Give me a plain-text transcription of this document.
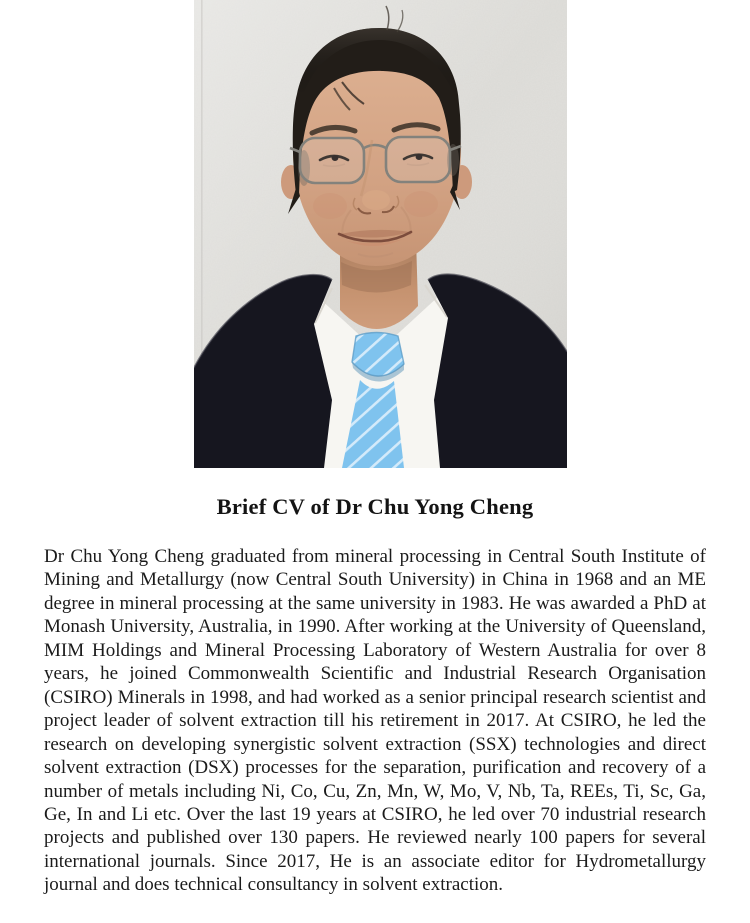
Brief CV of Dr Chu Yong Cheng
Dr Chu Yong Cheng graduated from mineral processing in Central South Institute of
Mining and Metallurgy (now Central South University) in China in 1968 and an ME
degree in mineral processing at the same university in 1983. He was awarded a PhD at
Monash University, Australia, in 1990. After working at the University of Queensland,
MIM Holdings and Mineral Processing Laboratory of Western Australia for over 8
years, he joined Commonwealth Scientific and Industrial Research Organisation
(CSIRO) Minerals in 1998, and had worked as a senior principal research scientist and
project leader of solvent extraction till his retirement in 2017. At CSIRO, he led the
research on developing synergistic solvent extraction (SSX) technologies and direct
solvent extraction (DSX) processes for the separation, purification and recovery of a
number of metals including Ni, Co, Cu, Zn, Mn, W, Mo, V, Nb, Ta, REEs, Ti, Sc, Ga,
Ge, In and Li etc. Over the last 19 years at CSIRO, he led over 70 industrial research
projects and published over 130 papers. He reviewed nearly 100 papers for several
international journals. Since 2017, He is an associate editor for Hydrometallurgy
journal and does technical consultancy in solvent extraction.
